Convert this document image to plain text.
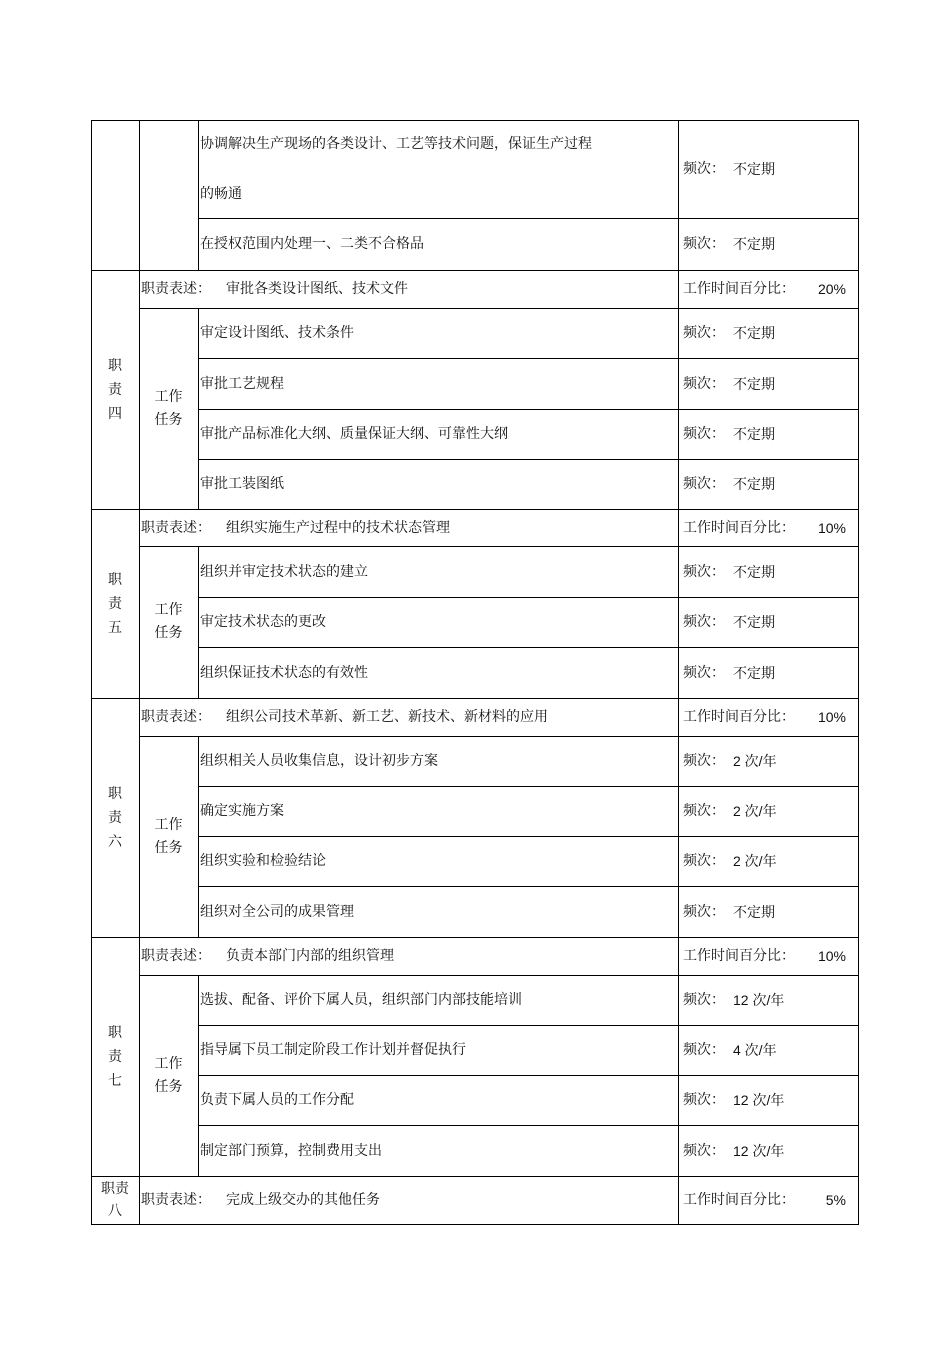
协调解决生产现场的各类设计、工艺等技术问题，保证生产过程
的畅通
频次： 不定期
在授权范围内处理一、二类不合格品	频次： 不定期
职
责
四
职责表述： 审批各类设计图纸、技术文件	工作时间百分比：	20%
工作
任务
审定设计图纸、技术条件	频次： 不定期
审批工艺规程	频次： 不定期
审批产品标准化大纲、质量保证大纲、可靠性大纲	频次： 不定期
审批工装图纸	频次： 不定期
职
责
五
职责表述： 组织实施生产过程中的技术状态管理	工作时间百分比：	10%
工作
任务
组织并审定技术状态的建立	频次： 不定期
审定技术状态的更改	频次： 不定期
组织保证技术状态的有效性	频次： 不定期
职
责
六
职责表述： 组织公司技术革新、新工艺、新技术、新材料的应用	工作时间百分比：	10%
工作
任务
组织相关人员收集信息，设计初步方案	频次： 2 次/年
确定实施方案	频次： 2 次/年
组织实验和检验结论	频次： 2 次/年
组织对全公司的成果管理	频次： 不定期
职
责
七
职责表述： 负责本部门内部的组织管理	工作时间百分比：	10%
工作
任务
选拔、配备、评价下属人员，组织部门内部技能培训	频次： 12 次/年
指导属下员工制定阶段工作计划并督促执行	频次： 4 次/年
负责下属人员的工作分配	频次： 12 次/年
制定部门预算，控制费用支出	频次： 12 次/年
职责
八
职责表述： 完成上级交办的其他任务	工作时间百分比：	5%
